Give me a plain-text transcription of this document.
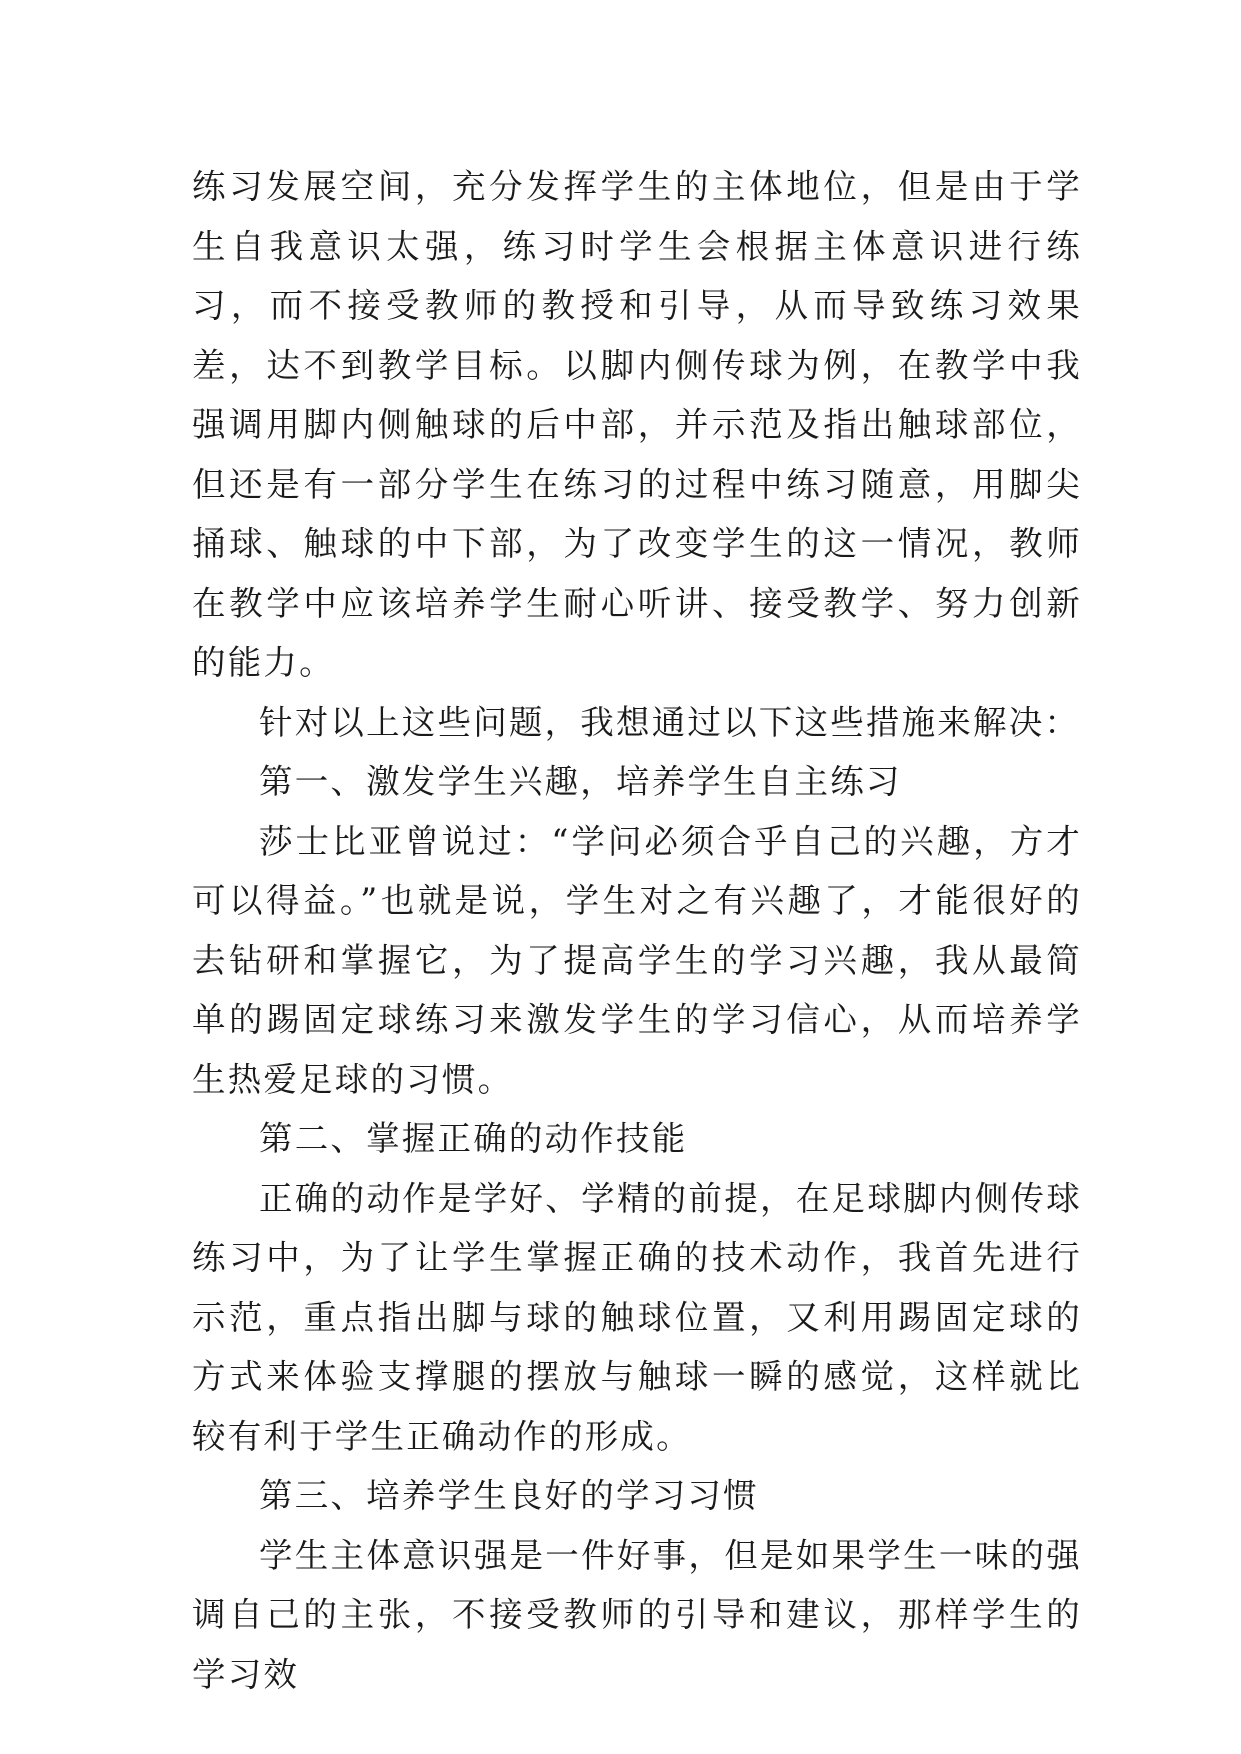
练习发展空间，充分发挥学生的主体地位，但是由于学生自我意识太强，练习时学生会根据主体意识进行练习，而不接受教师的教授和引导，从而导致练习效果差，达不到教学目标。以脚内侧传球为例，在教学中我强调用脚内侧触球的后中部，并示范及指出触球部位，但还是有一部分学生在练习的过程中练习随意，用脚尖捅球、触球的中下部，为了改变学生的这一情况，教师在教学中应该培养学生耐心听讲、接受教学、努力创新的能力。

针对以上这些问题，我想通过以下这些措施来解决：

第一、激发学生兴趣，培养学生自主练习

莎士比亚曾说过：“学问必须合乎自己的兴趣，方才可以得益。”也就是说，学生对之有兴趣了，才能很好的去钻研和掌握它，为了提高学生的学习兴趣，我从最简单的踢固定球练习来激发学生的学习信心，从而培养学生热爱足球的习惯。

第二、掌握正确的动作技能

正确的动作是学好、学精的前提，在足球脚内侧传球练习中，为了让学生掌握正确的技术动作，我首先进行示范，重点指出脚与球的触球位置，又利用踢固定球的方式来体验支撑腿的摆放与触球一瞬的感觉，这样就比较有利于学生正确动作的形成。

第三、培养学生良好的学习习惯

学生主体意识强是一件好事，但是如果学生一味的强调自己的主张，不接受教师的引导和建议，那样学生的学习效
